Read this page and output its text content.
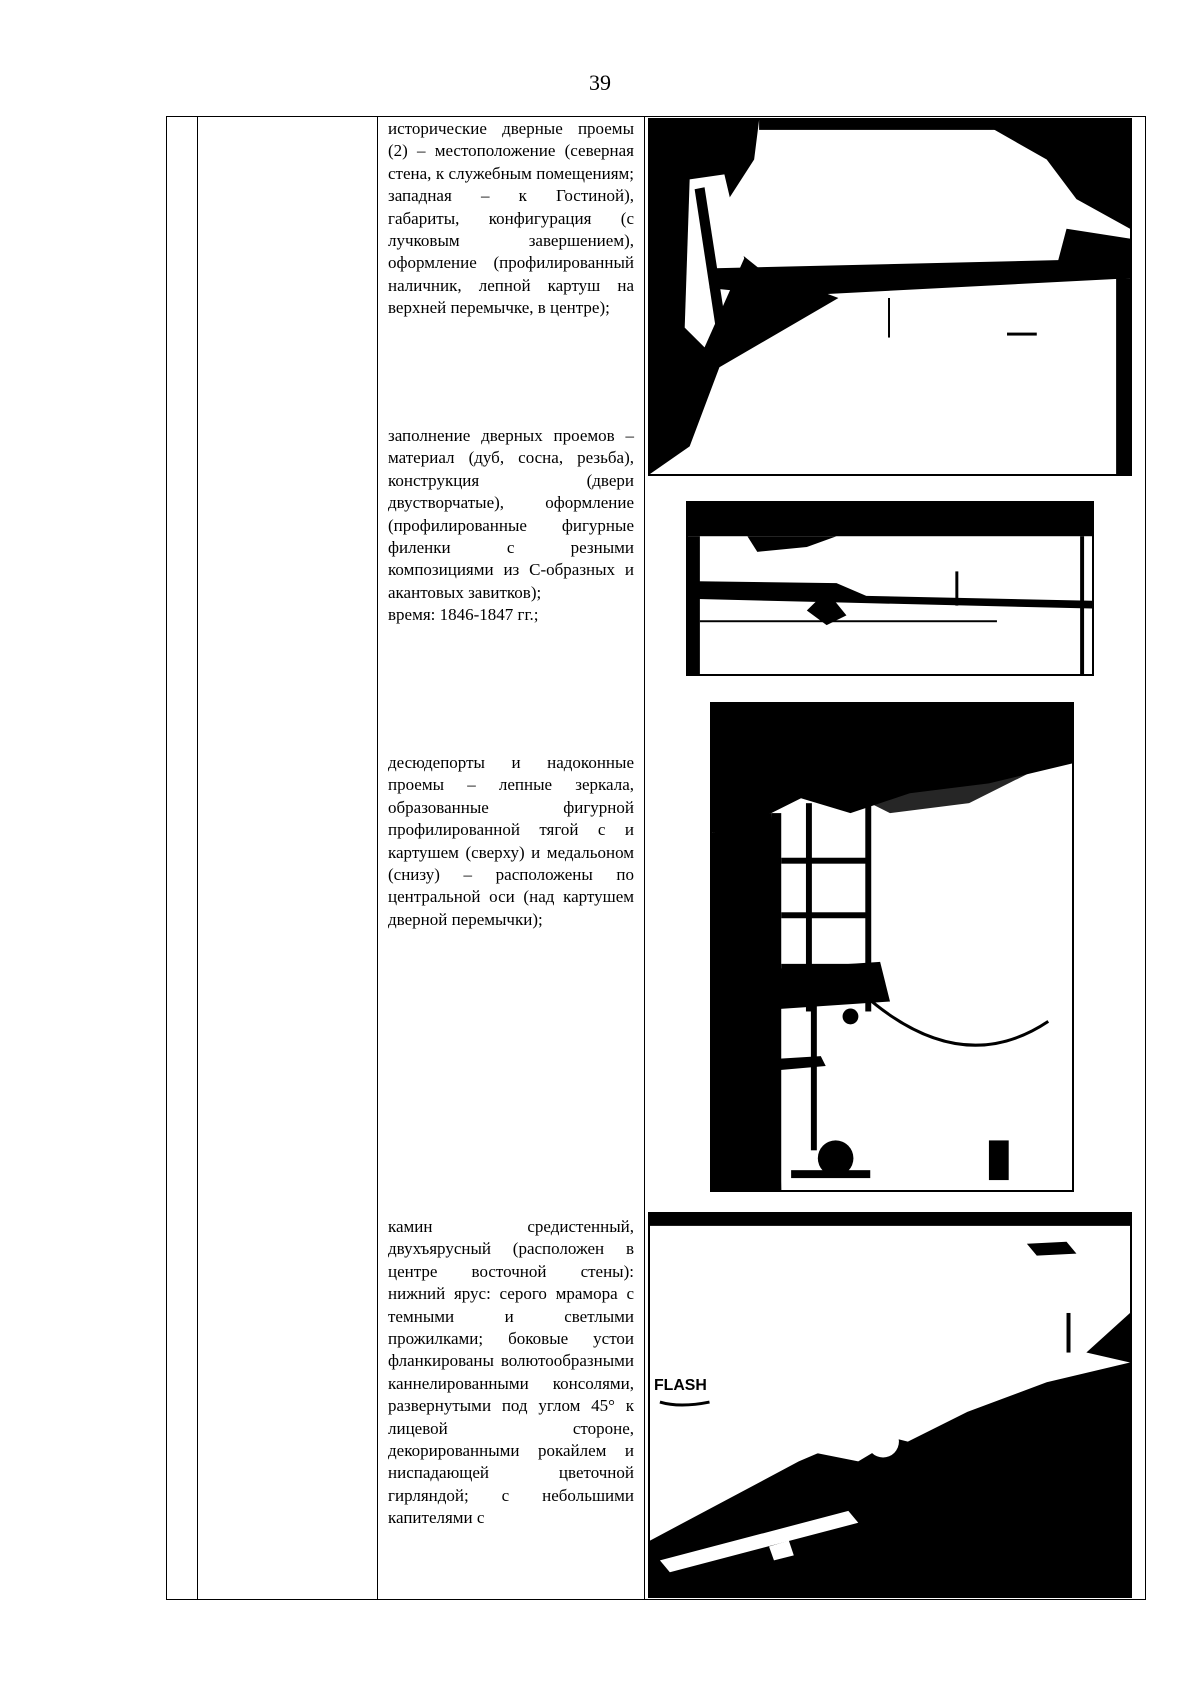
39
исторические дверные проемы (2) – местоположение (северная стена, к служебным помещениям; западная – к Гостиной), габариты, конфигурация (с лучковым завершением), оформление (профилированный наличник, лепной картуш на верхней перемычке, в центре);
заполнение дверных проемов – материал (дуб, сосна, резьба), конструкция (двери двустворчатые), оформление (профилированные фигурные филенки с резными композициями из С-образных и акантовых завитков);
время: 1846-1847 гг.;
десюдепорты и надоконные проемы – лепные зеркала, образованные фигурной профилированной тягой с и картушем (сверху) и медальоном (снизу) – расположены по центральной оси (над картушем дверной перемычки);
камин средистенный, двухъярусный (расположен в центре восточной стены): нижний ярус: серого мрамора с темными и светлыми прожилками; боковые устои фланкированы волютообразными каннелированными консолями, развернутыми под углом 45° к лицевой стороне, декорированными рокайлем и ниспадающей цветочной гирляндой; с небольшими капителями с
FLASH
